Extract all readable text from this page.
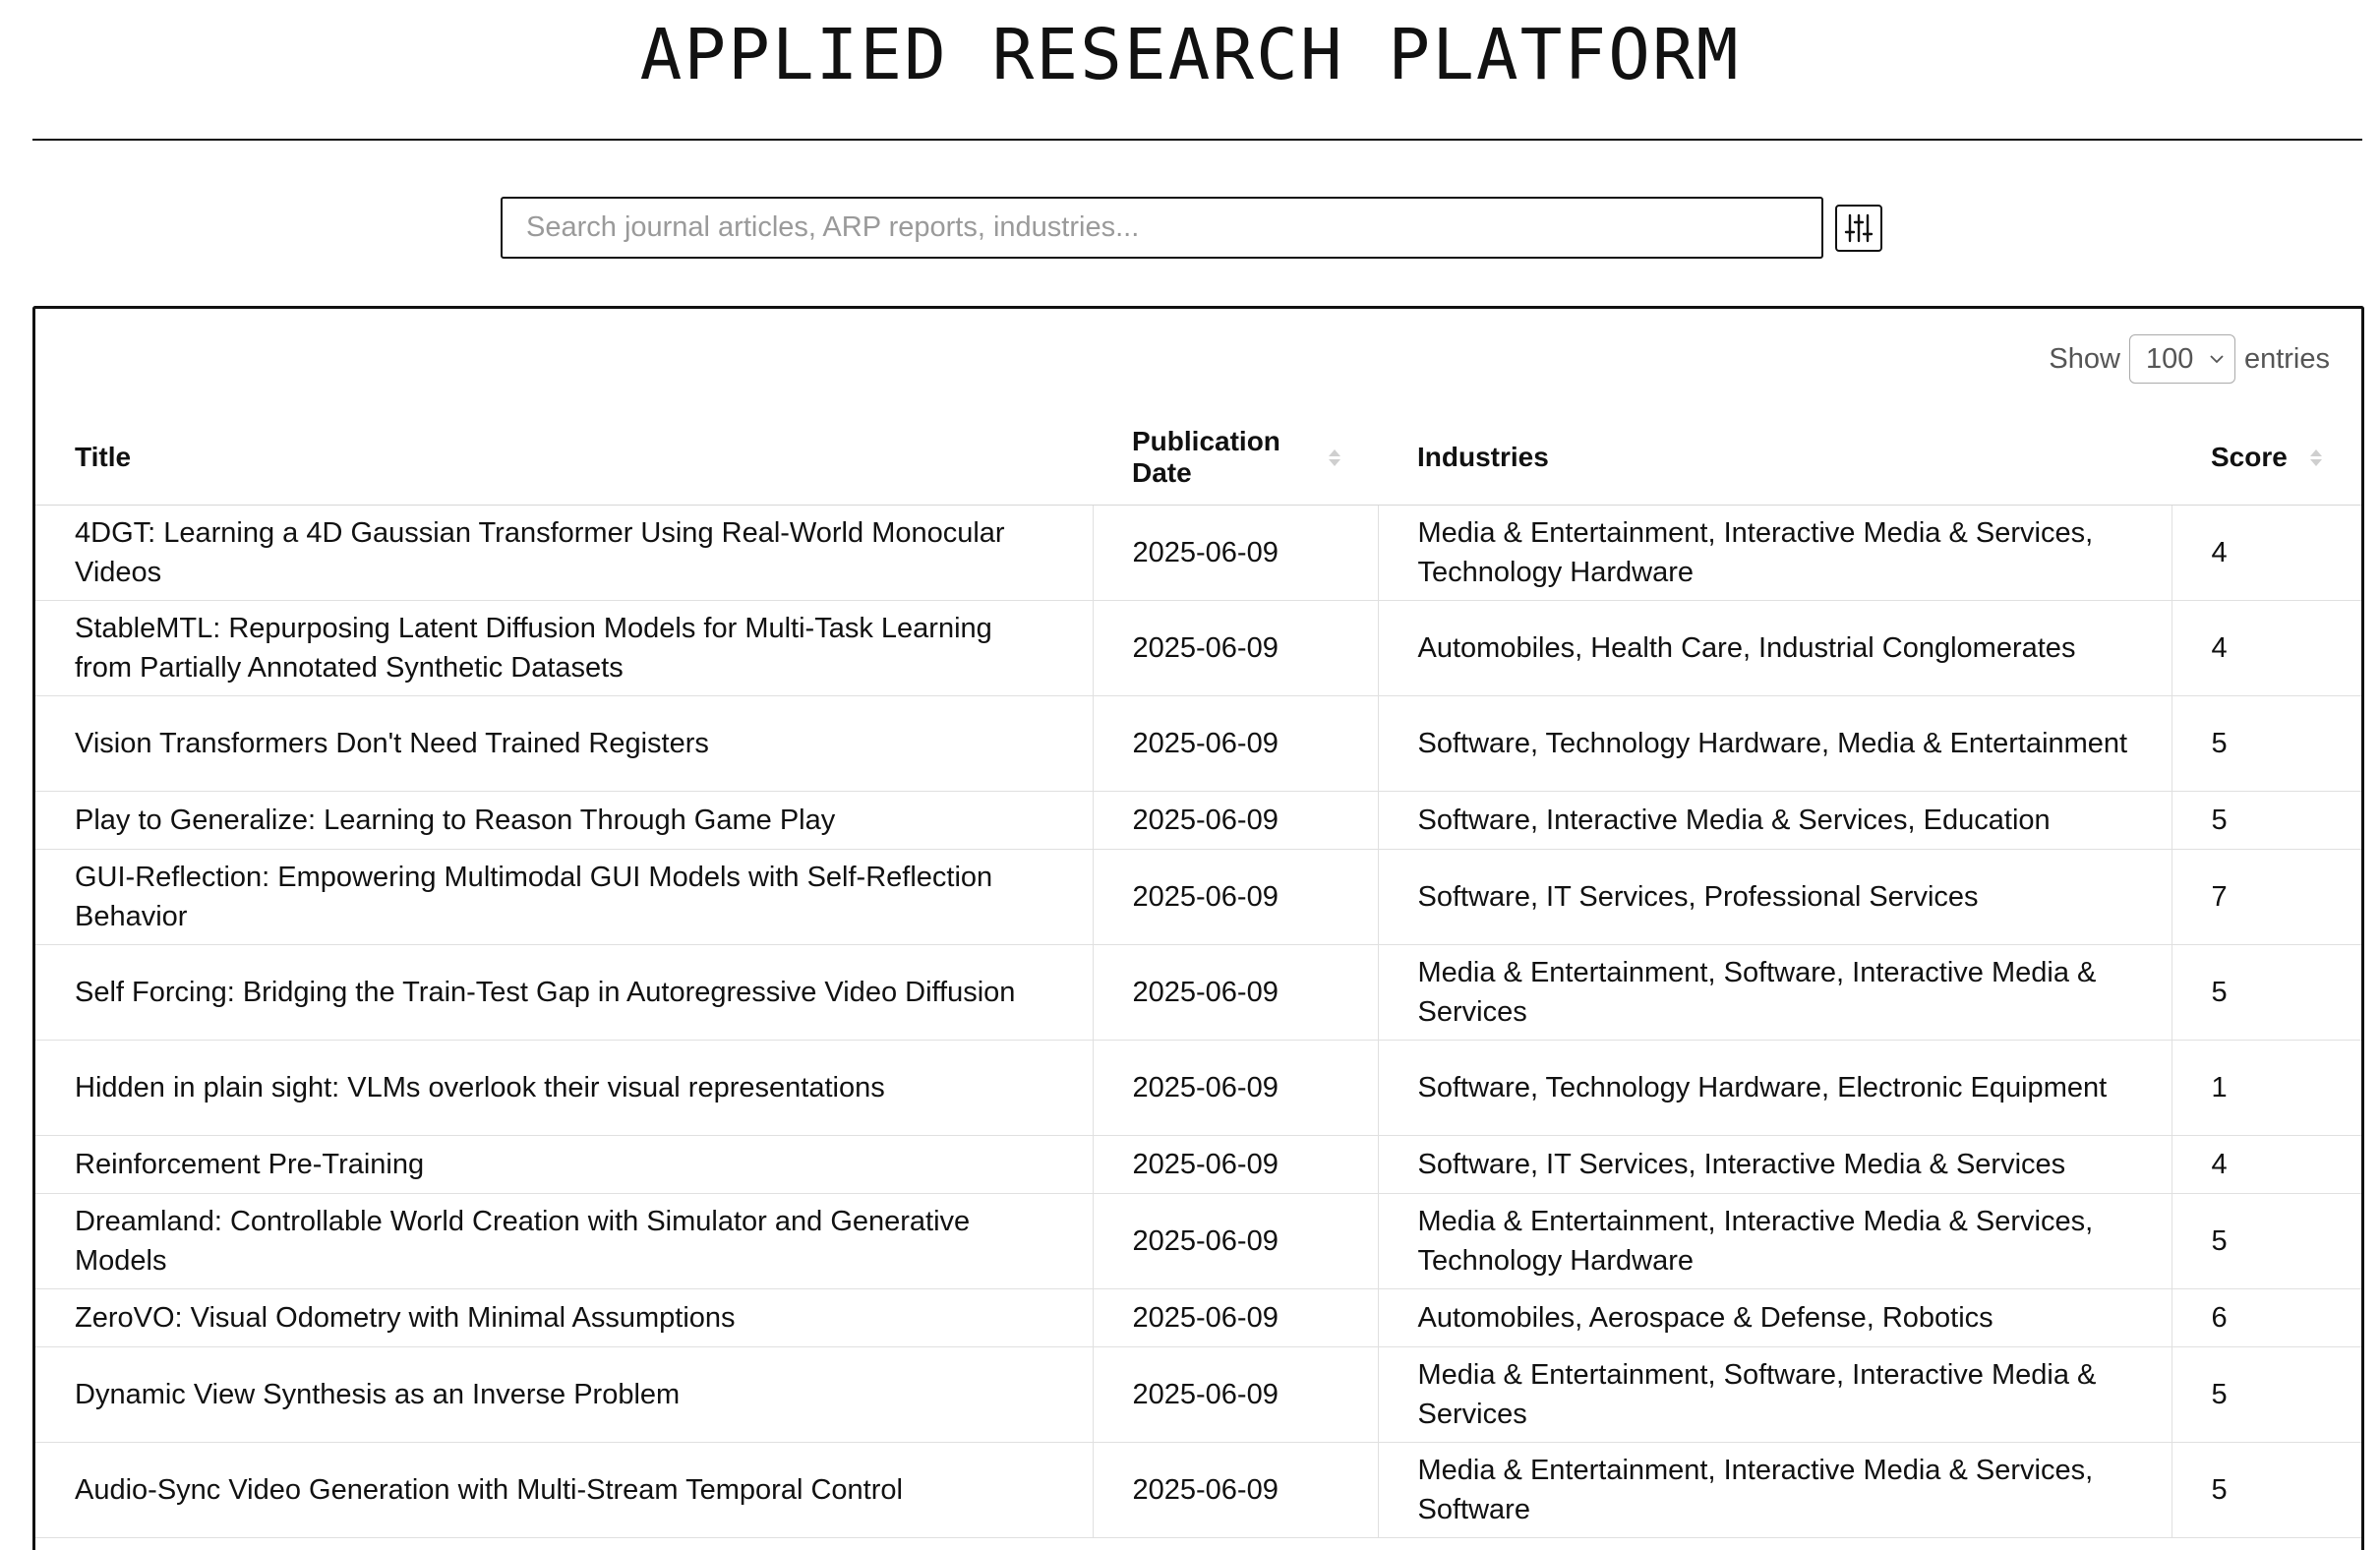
APPLIED RESEARCH PLATFORM
Search journal articles, ARP reports, industries...
Show 100 entries
Title	Publication Date	Industries	Score

4DGT: Learning a 4D Gaussian Transformer Using Real-World Monocular Videos	2025-06-09	Media & Entertainment, Interactive Media & Services, Technology Hardware	4
StableMTL: Repurposing Latent Diffusion Models for Multi-Task Learning from Partially Annotated Synthetic Datasets	2025-06-09	Automobiles, Health Care, Industrial Conglomerates	4
Vision Transformers Don't Need Trained Registers	2025-06-09	Software, Technology Hardware, Media & Entertainment	5
Play to Generalize: Learning to Reason Through Game Play	2025-06-09	Software, Interactive Media & Services, Education	5
GUI-Reflection: Empowering Multimodal GUI Models with Self-Reflection Behavior	2025-06-09	Software, IT Services, Professional Services	7
Self Forcing: Bridging the Train-Test Gap in Autoregressive Video Diffusion	2025-06-09	Media & Entertainment, Software, Interactive Media & Services	5
Hidden in plain sight: VLMs overlook their visual representations	2025-06-09	Software, Technology Hardware, Electronic Equipment	1
Reinforcement Pre-Training	2025-06-09	Software, IT Services, Interactive Media & Services	4
Dreamland: Controllable World Creation with Simulator and Generative Models	2025-06-09	Media & Entertainment, Interactive Media & Services, Technology Hardware	5
ZeroVO: Visual Odometry with Minimal Assumptions	2025-06-09	Automobiles, Aerospace & Defense, Robotics	6
Dynamic View Synthesis as an Inverse Problem	2025-06-09	Media & Entertainment, Software, Interactive Media & Services	5
Audio-Sync Video Generation with Multi-Stream Temporal Control	2025-06-09	Media & Entertainment, Interactive Media & Services, Software	5
